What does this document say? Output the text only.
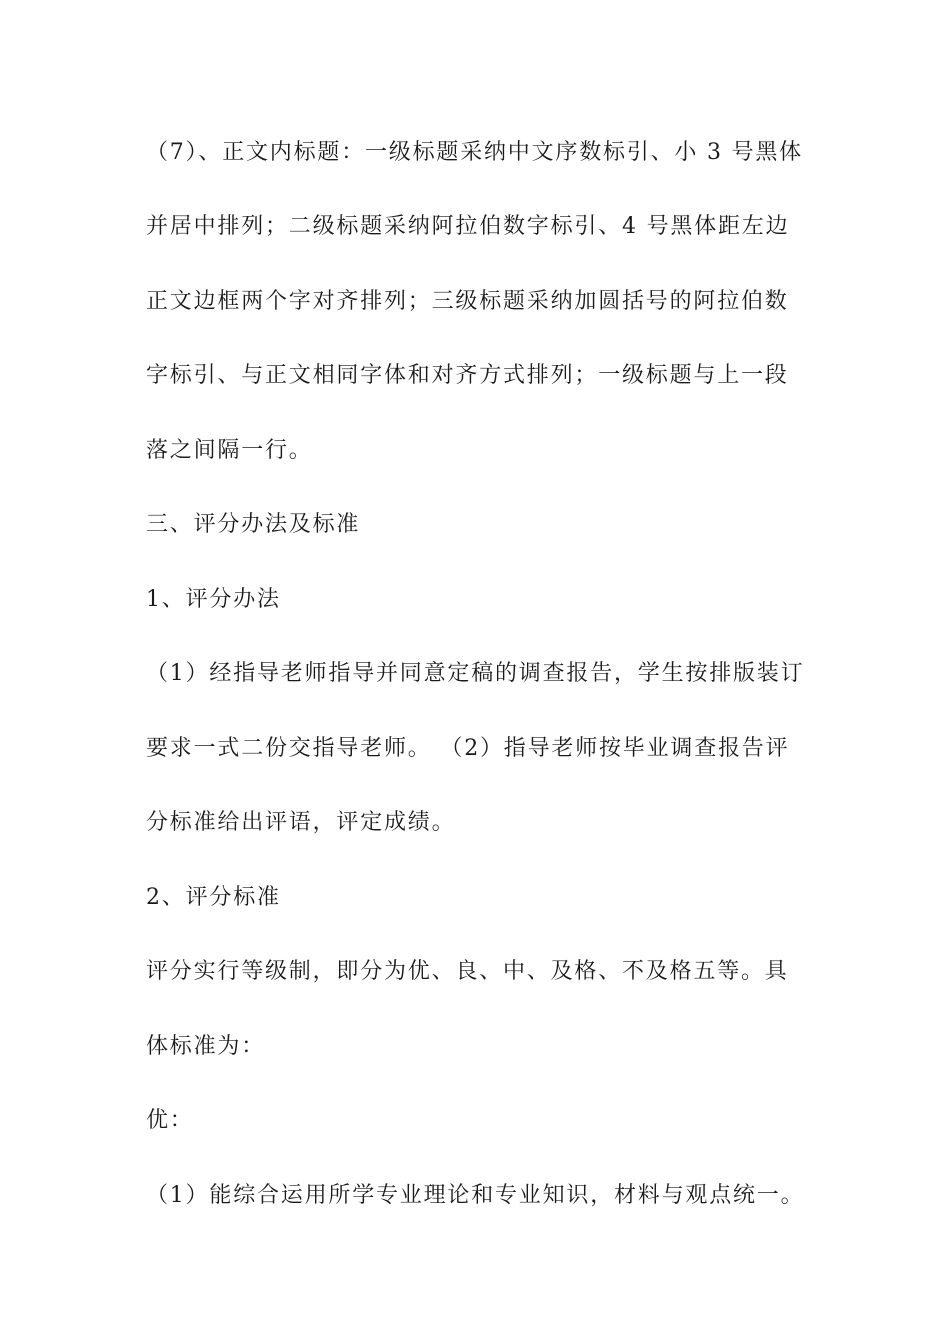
（7）、正文内标题：一级标题采纳中文序数标引、小 3 号黑体
并居中排列；二级标题采纳阿拉伯数字标引、4 号黑体距左边
正文边框两个字对齐排列；三级标题采纳加圆括号的阿拉伯数
字标引、与正文相同字体和对齐方式排列；一级标题与上一段
落之间隔一行。
三、评分办法及标准
1、评分办法
（1）经指导老师指导并同意定稿的调查报告，学生按排版装订
要求一式二份交指导老师。 （2）指导老师按毕业调查报告评
分标准给出评语，评定成绩。
2、评分标准
评分实行等级制，即分为优、良、中、及格、不及格五等。具
体标准为：
优：
（1）能综合运用所学专业理论和专业知识，材料与观点统一。
